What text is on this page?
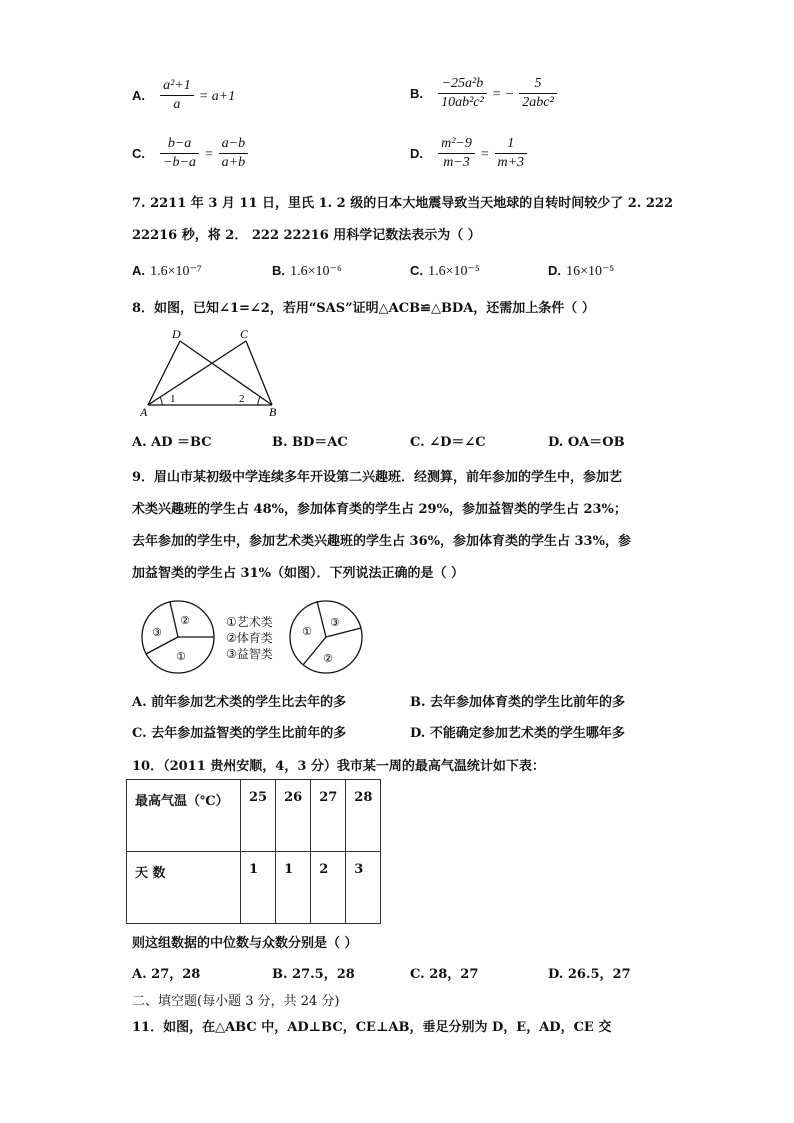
A. $\frac{\text{a²+1}}{a} = a+1$	B. $\frac{\text{−25a²b}}{\text{10ab²c²}}$ = − $\frac{5}{\text{2abc²}}$
C. $\frac{b-a}{-b-a} = \frac{a-b}{a+b}$	D. $\frac{\text{m²−9}}{m-3} = \frac{1}{m+3}$
7. 2211 年 3 月 11 日，里氏 1. 2 级的日本大地震导致当天地球的自转时间较少了 2. 222
22216 秒，将 2． 222 22216 用科学记数法表示为（ ）
A. 1.6×10⁻⁷	B. 1.6×10⁻⁶	C. 1.6×10⁻⁵	D. 16×10⁻⁵
8．如图，已知∠1=∠2，若用“SAS”证明△ACB≌△BDA，还需加上条件（ ）
D	C
A	B
1	2
A. AD ＝BC	B. BD＝AC	C. ∠D＝∠C	D. OA＝OB
9．眉山市某初级中学连续多年开设第二兴趣班．经测算，前年参加的学生中，参加艺
术类兴趣班的学生占 48%，参加体育类的学生占 29%，参加益智类的学生占 23%；
去年参加的学生中，参加艺术类兴趣班的学生占 36%，参加体育类的学生占 33%，参
加益智类的学生占 31%（如图）．下列说法正确的是（ ）
②
③
①
①
③
②
①艺术类
②体育类
③益智类
A. 前年参加艺术类的学生比去年的多	B. 去年参加体育类的学生比前年的多
C. 去年参加益智类的学生比前年的多	D. 不能确定参加艺术类的学生哪年多
10．（2011 贵州安顺，4，3 分）我市某一周的最高气温统计如下表：
最高气温（℃）	25	26	27	28
天 数	1	1	2	3
则这组数据的中位数与众数分别是（ ）
A. 27，28	B. 27.5，28	C. 28，27	D. 26.5，27
二、填空题(每小题 3 分，共 24 分)
11．如图，在△ABC 中，AD⊥BC，CE⊥AB，垂足分别为 D，E，AD，CE 交
